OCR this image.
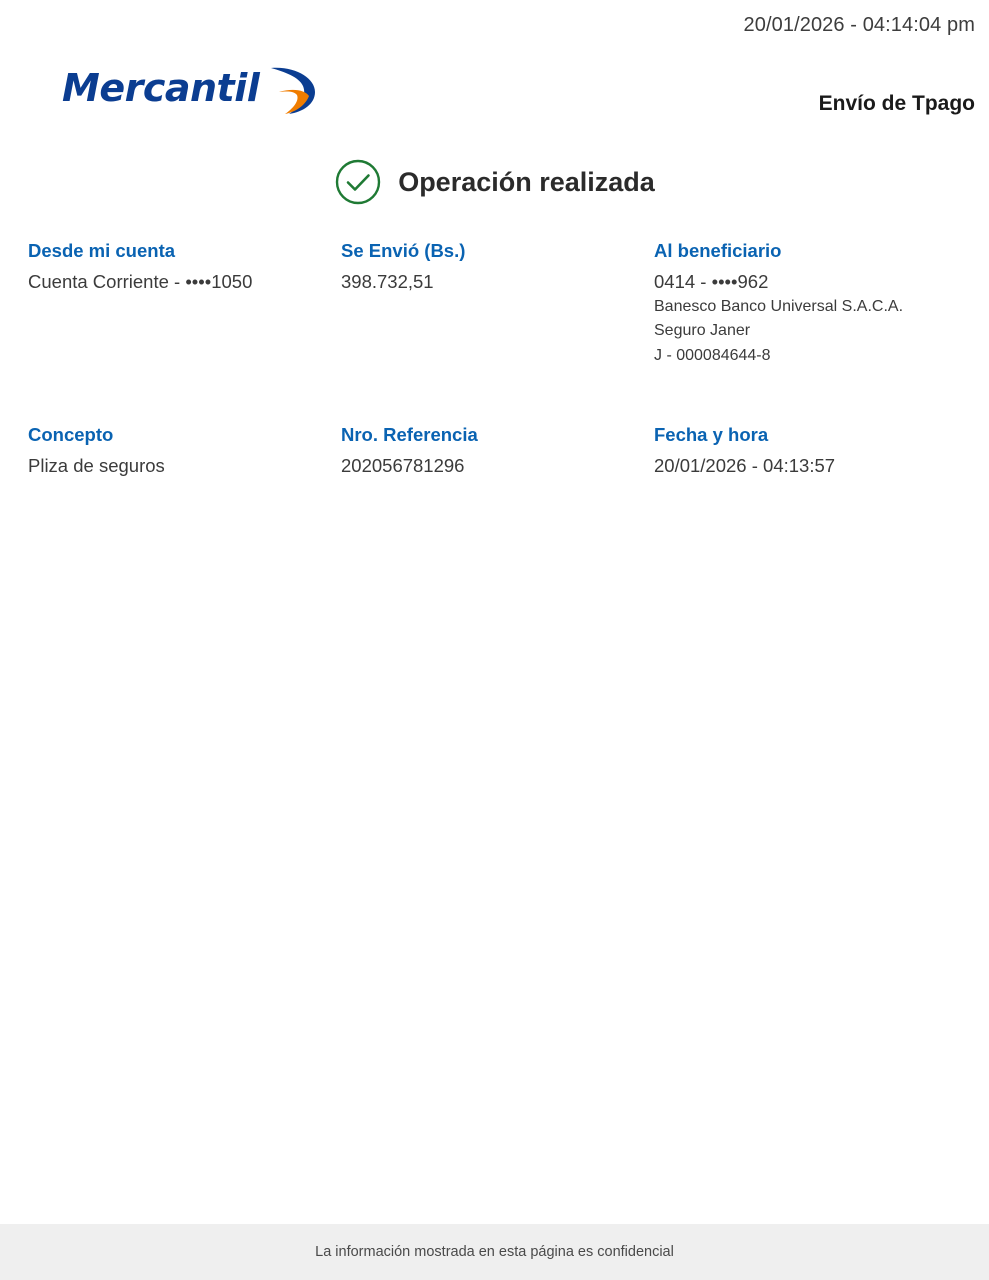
20/01/2026 - 04:14:04 pm
Mercantil	Envío de Tpago
Operación realizada
Desde mi cuenta
Cuenta Corriente - ••••1050
Se Envió (Bs.)
398.732,51
Al beneficiario
0414 - ••••962
Banesco Banco Universal S.A.C.A.
Seguro Janer
J - 000084644-8
Concepto
Pliza de seguros
Nro. Referencia
202056781296
Fecha y hora
20/01/2026 - 04:13:57
La información mostrada en esta página es confidencial
